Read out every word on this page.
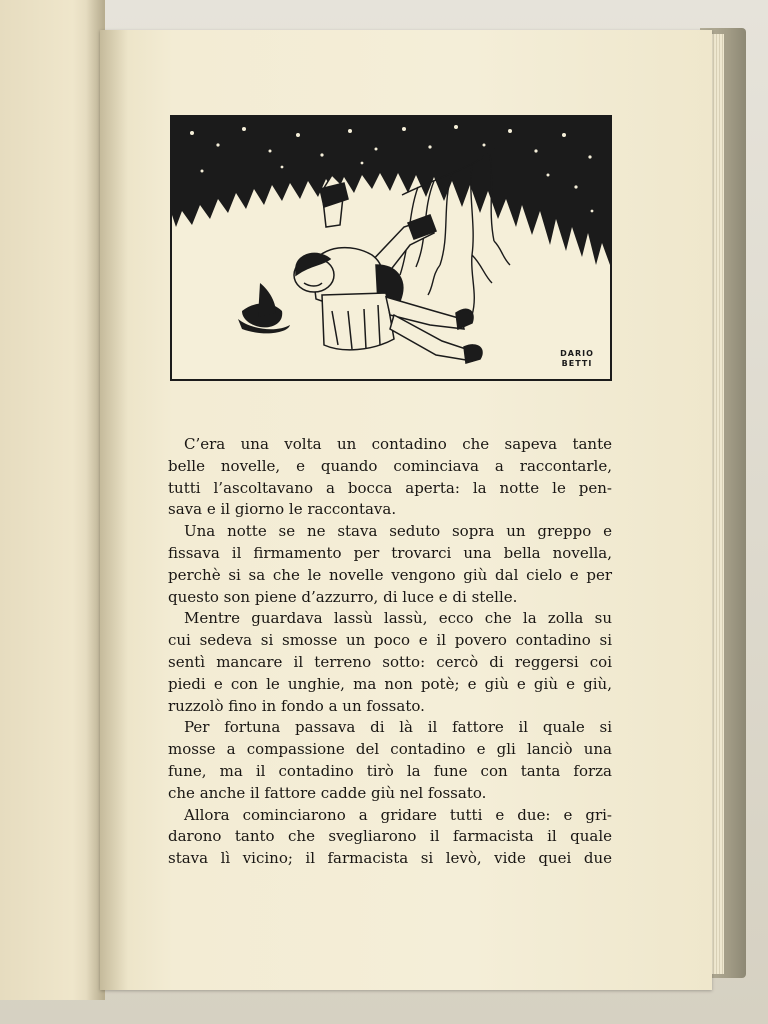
DARIO
BETTI
C’era una volta un contadino che sapeva tante
belle novelle, e quando cominciava a raccontarle,
tutti l’ascoltavano a bocca aperta: la notte le pen-
sava e il giorno le raccontava.
Una notte se ne stava seduto sopra un greppo e
fissava il firmamento per trovarci una bella novella,
perchè si sa che le novelle vengono giù dal cielo e per
questo son piene d’azzurro, di luce e di stelle.
Mentre guardava lassù lassù, ecco che la zolla su
cui sedeva si smosse un poco e il povero contadino si
sentì mancare il terreno sotto: cercò di reggersi coi
piedi e con le unghie, ma non potè; e giù e giù e giù,
ruzzolò fino in fondo a un fossato.
Per fortuna passava di là il fattore il quale si
mosse a compassione del contadino e gli lanciò una
fune, ma il contadino tirò la fune con tanta forza
che anche il fattore cadde giù nel fossato.
Allora cominciarono a gridare tutti e due: e gri-
darono tanto che svegliarono il farmacista il quale
stava lì vicino; il farmacista si levò, vide quei due
